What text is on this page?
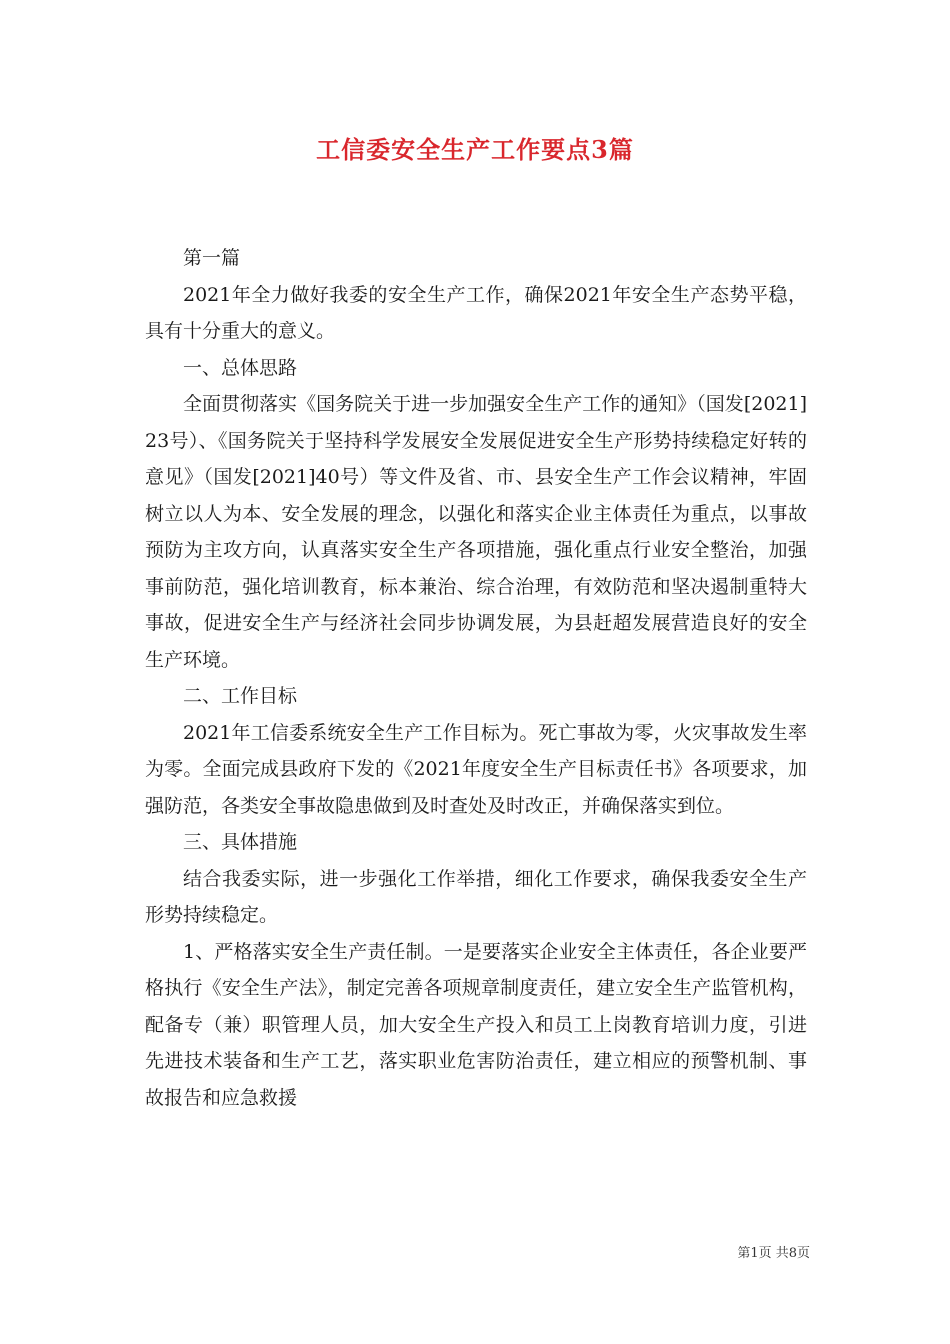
工信委安全生产工作要点3篇

第一篇

2021年全力做好我委的安全生产工作，确保2021年安全生产态势平稳，具有十分重大的意义。

一、总体思路

全面贯彻落实《国务院关于进一步加强安全生产工作的通知》（国发[2021]23号）、《国务院关于坚持科学发展安全发展促进安全生产形势持续稳定好转的意见》（国发[2021]40号）等文件及省、市、县安全生产工作会议精神，牢固树立以人为本、安全发展的理念，以强化和落实企业主体责任为重点，以事故预防为主攻方向，认真落实安全生产各项措施，强化重点行业安全整治，加强事前防范，强化培训教育，标本兼治、综合治理，有效防范和坚决遏制重特大事故，促进安全生产与经济社会同步协调发展，为县赶超发展营造良好的安全生产环境。

二、工作目标

2021年工信委系统安全生产工作目标为。死亡事故为零，火灾事故发生率为零。全面完成县政府下发的《2021年度安全生产目标责任书》各项要求，加强防范，各类安全事故隐患做到及时查处及时改正，并确保落实到位。

三、具体措施

结合我委实际，进一步强化工作举措，细化工作要求，确保我委安全生产形势持续稳定。

1、严格落实安全生产责任制。一是要落实企业安全主体责任，各企业要严格执行《安全生产法》，制定完善各项规章制度责任，建立安全生产监管机构，配备专（兼）职管理人员，加大安全生产投入和员工上岗教育培训力度，引进先进技术装备和生产工艺，落实职业危害防治责任，建立相应的预警机制、事故报告和应急救援

第1页 共8页
